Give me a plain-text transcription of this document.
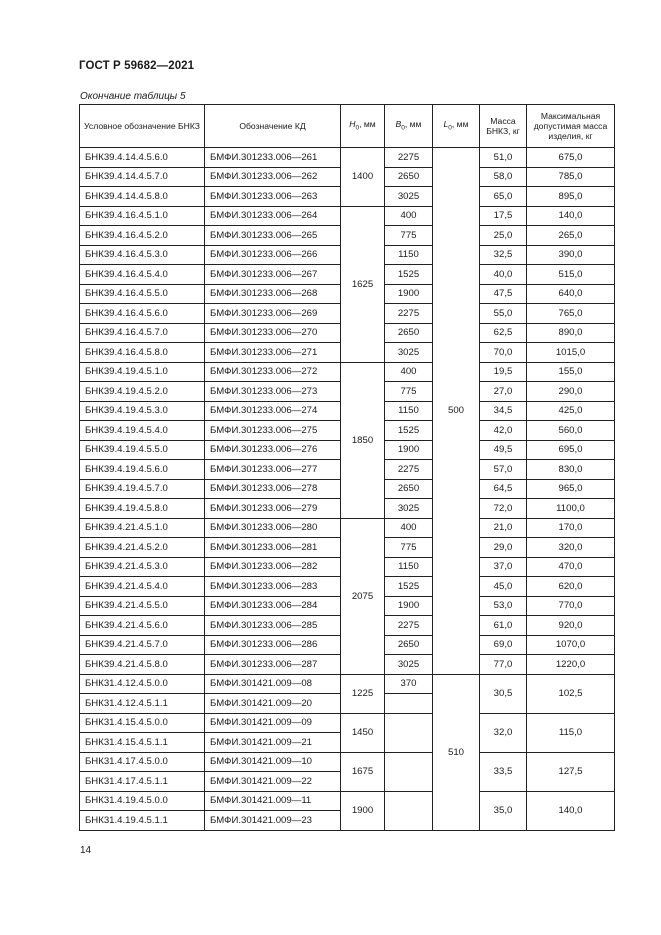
ГОСТ Р 59682—2021
Окончание таблицы 5
Условное обозначение БНКЗ	Обозначение КД	$H_0$, мм	$B_0$, мм	$L_0$, мм	Масса БНКЗ, кг	Максимальная допустимая масса изделия, кг
БНК39.4.14.4.5.6.0	БМФИ.301233.006—261	1400	2275	500	51,0	675,0
БНК39.4.14.4.5.7.0	БМФИ.301233.006—262		2650		58,0	785,0
БНК39.4.14.4.5.8.0	БМФИ.301233.006—263		3025		65,0	895,0
БНК39.4.16.4.5.1.0	БМФИ.301233.006—264	1625	400		17,5	140,0
БНК39.4.16.4.5.2.0	БМФИ.301233.006—265		775		25,0	265,0
БНК39.4.16.4.5.3.0	БМФИ.301233.006—266		1150		32,5	390,0
БНК39.4.16.4.5.4.0	БМФИ.301233.006—267		1525		40,0	515,0
БНК39.4.16.4.5.5.0	БМФИ.301233.006—268		1900		47,5	640,0
БНК39.4.16.4.5.6.0	БМФИ.301233.006—269		2275		55,0	765,0
БНК39.4.16.4.5.7.0	БМФИ.301233.006—270		2650		62,5	890,0
БНК39.4.16.4.5.8.0	БМФИ.301233.006—271		3025		70,0	1015,0
БНК39.4.19.4.5.1.0	БМФИ.301233.006—272	1850	400		19,5	155,0
БНК39.4.19.4.5.2.0	БМФИ.301233.006—273		775		27,0	290,0
БНК39.4.19.4.5.3.0	БМФИ.301233.006—274		1150		34,5	425,0
БНК39.4.19.4.5.4.0	БМФИ.301233.006—275		1525		42,0	560,0
БНК39.4.19.4.5.5.0	БМФИ.301233.006—276		1900		49,5	695,0
БНК39.4.19.4.5.6.0	БМФИ.301233.006—277		2275		57,0	830,0
БНК39.4.19.4.5.7.0	БМФИ.301233.006—278		2650		64,5	965,0
БНК39.4.19.4.5.8.0	БМФИ.301233.006—279		3025		72,0	1100,0
БНК39.4.21.4.5.1.0	БМФИ.301233.006—280	2075	400		21,0	170,0
БНК39.4.21.4.5.2.0	БМФИ.301233.006—281		775		29,0	320,0
БНК39.4.21.4.5.3.0	БМФИ.301233.006—282		1150		37,0	470,0
БНК39.4.21.4.5.4.0	БМФИ.301233.006—283		1525		45,0	620,0
БНК39.4.21.4.5.5.0	БМФИ.301233.006—284		1900		53,0	770,0
БНК39.4.21.4.5.6.0	БМФИ.301233.006—285		2275		61,0	920,0
БНК39.4.21.4.5.7.0	БМФИ.301233.006—286		2650		69,0	1070,0
БНК39.4.21.4.5.8.0	БМФИ.301233.006—287		3025		77,0	1220,0
БНК31.4.12.4.5.0.0	БМФИ.301421.009—08	1225	370	510	30,5	102,5
БНК31.4.12.4.5.1.1	БМФИ.301421.009—20					
БНК31.4.15.4.5.0.0	БМФИ.301421.009—09	1450			32,0	115,0
БНК31.4.15.4.5.1.1	БМФИ.301421.009—21					
БНК31.4.17.4.5.0.0	БМФИ.301421.009—10	1675			33,5	127,5
БНК31.4.17.4.5.1.1	БМФИ.301421.009—22					
БНК31.4.19.4.5.0.0	БМФИ.301421.009—11	1900			35,0	140,0
БНК31.4.19.4.5.1.1	БМФИ.301421.009—23					
14
